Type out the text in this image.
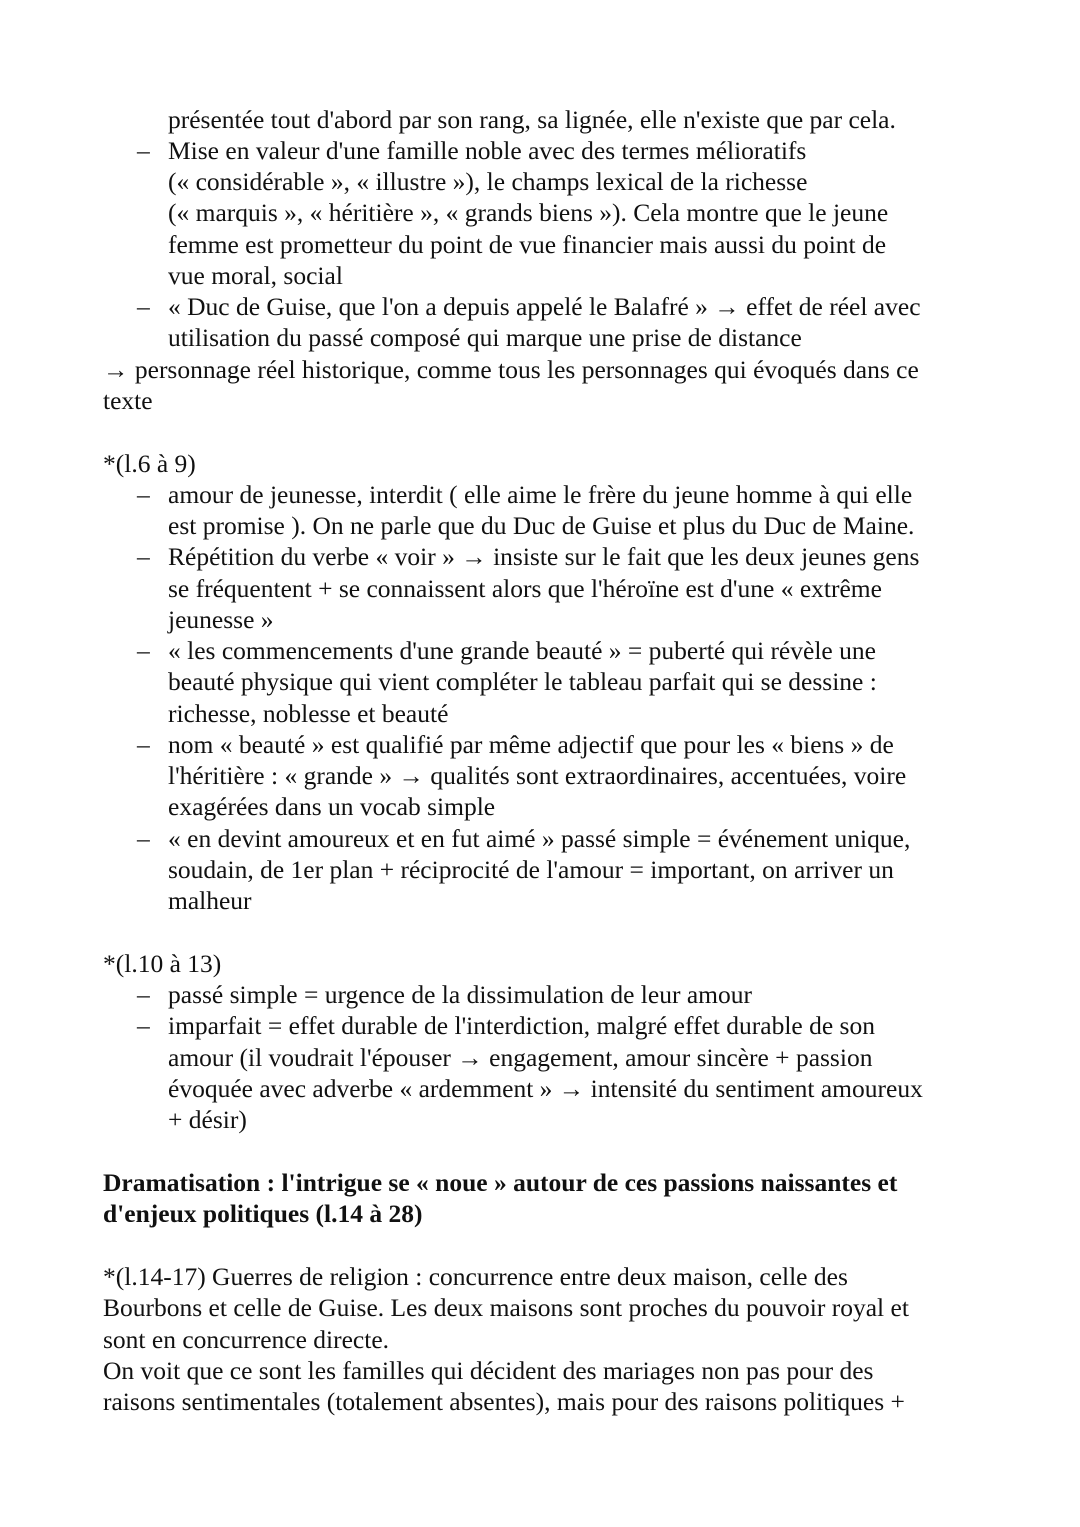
présentée tout d'abord par son rang, sa lignée, elle n'existe que par cela.
– Mise en valeur d'une famille noble avec des termes mélioratifs
(« considérable », « illustre »), le champs lexical de la richesse
(« marquis », « héritière », « grands biens »). Cela montre que le jeune
femme est prometteur du point de vue financier mais aussi du point de
vue moral, social
– « Duc de Guise, que l'on a depuis appelé le Balafré » → effet de réel avec
utilisation du passé composé qui marque une prise de distance
→ personnage réel historique, comme tous les personnages qui évoqués dans ce
texte
*(l.6 à 9)
– amour de jeunesse, interdit ( elle aime le frère du jeune homme à qui elle
est promise ). On ne parle que du Duc de Guise et plus du Duc de Maine.
– Répétition du verbe « voir » → insiste sur le fait que les deux jeunes gens
se fréquentent + se connaissent alors que l'héroïne est d'une « extrême
jeunesse »
– « les commencements d'une grande beauté » = puberté qui révèle une
beauté physique qui vient compléter le tableau parfait qui se dessine :
richesse, noblesse et beauté
– nom « beauté » est qualifié par même adjectif que pour les « biens » de
l'héritière : « grande » → qualités sont extraordinaires, accentuées, voire
exagérées dans un vocab simple
– « en devint amoureux et en fut aimé » passé simple = événement unique,
soudain, de 1er plan + réciprocité de l'amour = important, on arriver un
malheur
*(l.10 à 13)
– passé simple = urgence de la dissimulation de leur amour
– imparfait = effet durable de l'interdiction, malgré effet durable de son
amour (il voudrait l'épouser → engagement, amour sincère + passion
évoquée avec adverbe « ardemment » → intensité du sentiment amoureux
+ désir)
Dramatisation : l'intrigue se « noue » autour de ces passions naissantes et
d'enjeux politiques (l.14 à 28)
*(l.14-17) Guerres de religion : concurrence entre deux maison, celle des
Bourbons et celle de Guise. Les deux maisons sont proches du pouvoir royal et
sont en concurrence directe.
On voit que ce sont les familles qui décident des mariages non pas pour des
raisons sentimentales (totalement absentes), mais pour des raisons politiques +
